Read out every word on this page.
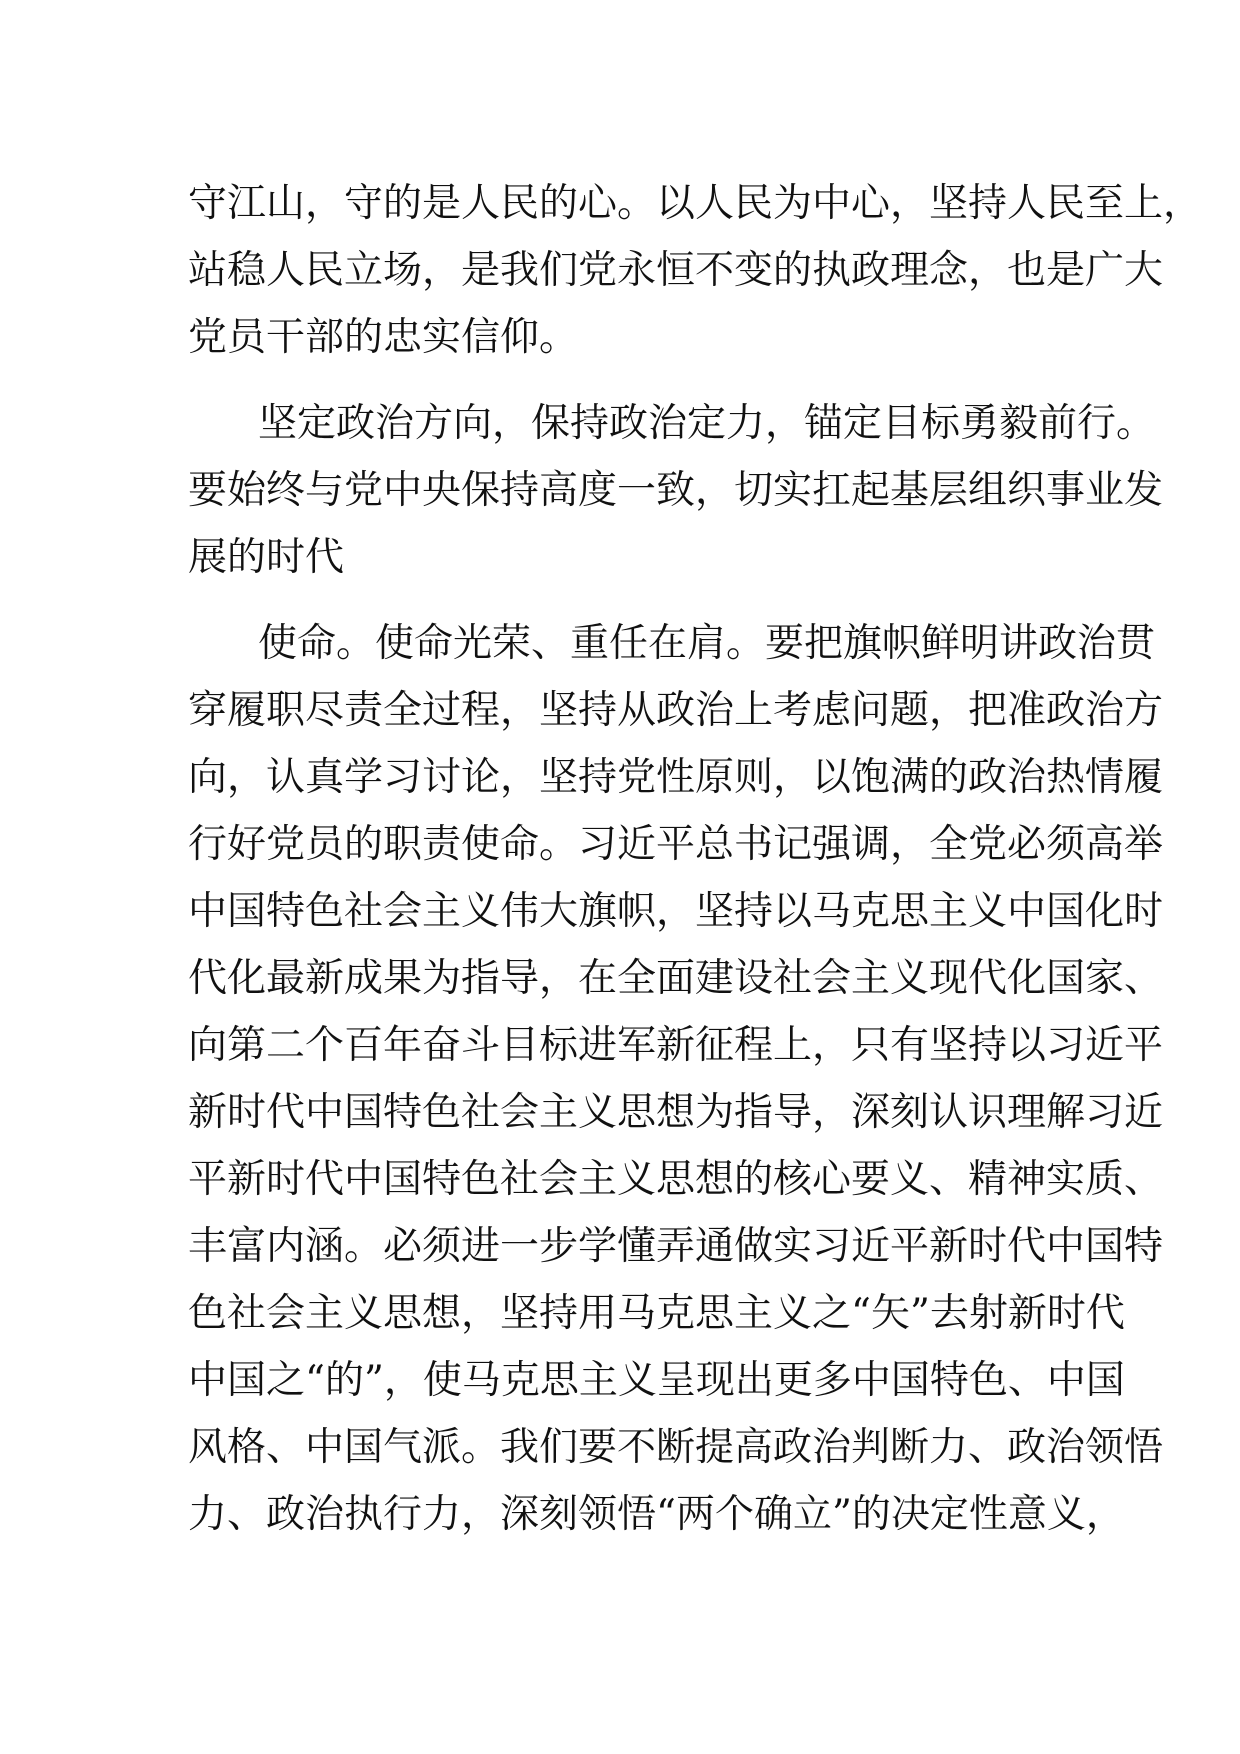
守江山，守的是人民的心。以人民为中心，坚持人民至上，
站稳人民立场，是我们党永恒不变的执政理念，也是广大
党员干部的忠实信仰。

坚定政治方向，保持政治定力，锚定目标勇毅前行。
要始终与党中央保持高度一致，切实扛起基层组织事业发
展的时代

使命。使命光荣、重任在肩。要把旗帜鲜明讲政治贯
穿履职尽责全过程，坚持从政治上考虑问题，把准政治方
向，认真学习讨论，坚持党性原则，以饱满的政治热情履
行好党员的职责使命。习近平总书记强调，全党必须高举
中国特色社会主义伟大旗帜，坚持以马克思主义中国化时
代化最新成果为指导，在全面建设社会主义现代化国家、
向第二个百年奋斗目标进军新征程上，只有坚持以习近平
新时代中国特色社会主义思想为指导，深刻认识理解习近
平新时代中国特色社会主义思想的核心要义、精神实质、
丰富内涵。必须进一步学懂弄通做实习近平新时代中国特
色社会主义思想，坚持用马克思主义之“矢”去射新时代
中国之“的”，使马克思主义呈现出更多中国特色、中国
风格、中国气派。我们要不断提高政治判断力、政治领悟
力、政治执行力，深刻领悟“两个确立”的决定性意义，
